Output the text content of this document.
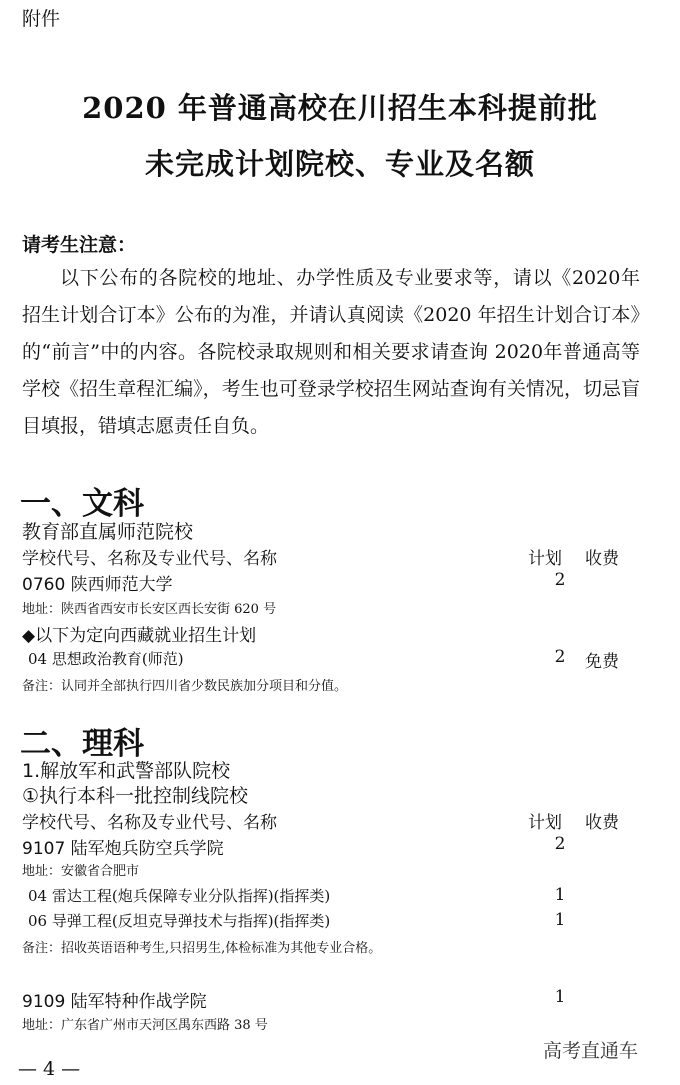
附件
2020 年普通高校在川招生本科提前批
未完成计划院校、专业及名额
请考生注意：
以下公布的各院校的地址、办学性质及专业要求等，请以《2020年招生计划合订本》公布的为准，并请认真阅读《2020 年招生计划合订本》的“前言”中的内容。各院校录取规则和相关要求请查询 2020年普通高等学校《招生章程汇编》，考生也可登录学校招生网站查询有关情况，切忌盲目填报，错填志愿责任自负。
一、文科
教育部直属师范院校
学校代号、名称及专业代号、名称	计划 收费
0760 陕西师范大学	2
地址：陕西省西安市长安区西长安街 620 号
◆以下为定向西藏就业招生计划
04 思想政治教育(师范)	2	免费
备注：认同并全部执行四川省少数民族加分项目和分值。
二、理科
1.解放军和武警部队院校
①执行本科一批控制线院校
学校代号、名称及专业代号、名称	计划 收费
9107 陆军炮兵防空兵学院	2
地址：安徽省合肥市
04 雷达工程(炮兵保障专业分队指挥)(指挥类)	1
06 导弹工程(反坦克导弹技术与指挥)(指挥类)	1
备注：招收英语语种考生,只招男生,体检标准为其他专业合格。
9109 陆军特种作战学院	1
地址：广东省广州市天河区禺东西路 38 号
高考直通车
— 4 —
